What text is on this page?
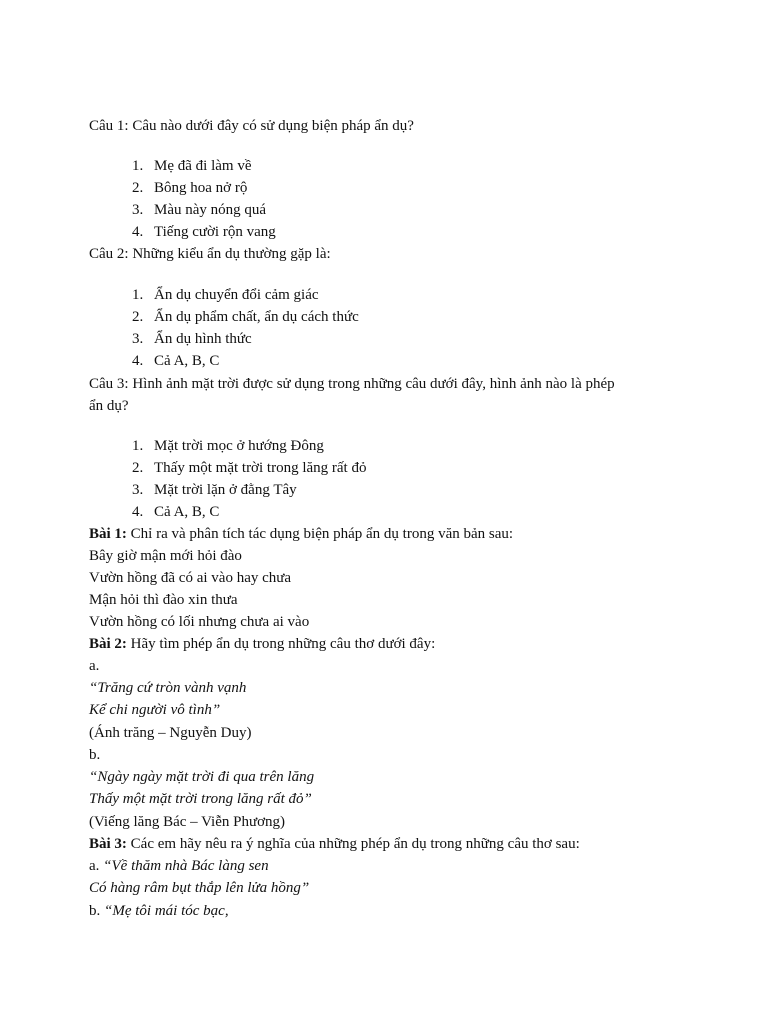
Câu 1: Câu nào dưới đây có sử dụng biện pháp ẩn dụ?
1. Mẹ đã đi làm về
2. Bông hoa nở rộ
3. Màu này nóng quá
4. Tiếng cười rộn vang
Câu 2: Những kiểu ẩn dụ thường gặp là:
1. Ẩn dụ chuyển đổi cảm giác
2. Ẩn dụ phẩm chất, ẩn dụ cách thức
3. Ẩn dụ hình thức
4. Cả A, B, C
Câu 3: Hình ảnh mặt trời được sử dụng trong những câu dưới đây, hình ảnh nào là phép
ẩn dụ?
1. Mặt trời mọc ở hướng Đông
2. Thấy một mặt trời trong lăng rất đỏ
3. Mặt trời lặn ở đằng Tây
4. Cả A, B, C
Bài 1: Chỉ ra và phân tích tác dụng biện pháp ẩn dụ trong văn bản sau:
Bây giờ mận mới hỏi đào
Vườn hồng đã có ai vào hay chưa
Mận hỏi thì đào xin thưa
Vườn hồng có lối nhưng chưa ai vào
Bài 2: Hãy tìm phép ẩn dụ trong những câu thơ dưới đây:
a.
“Trăng cứ tròn vành vạnh
Kể chi người vô tình”
(Ánh trăng – Nguyễn Duy)
b.
“Ngày ngày mặt trời đi qua trên lăng
Thấy một mặt trời trong lăng rất đỏ”
(Viếng lăng Bác – Viễn Phương)
Bài 3: Các em hãy nêu ra ý nghĩa của những phép ẩn dụ trong những câu thơ sau:
a. “Về thăm nhà Bác làng sen
Có hàng râm bụt thắp lên lửa hồng”
b. “Mẹ tôi mái tóc bạc,
